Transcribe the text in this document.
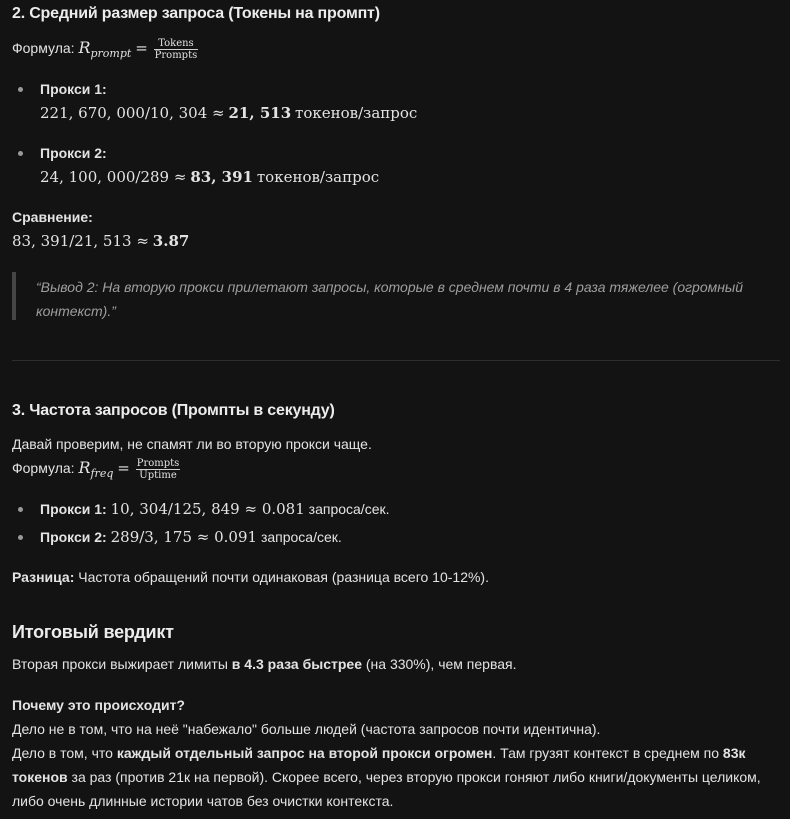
2. Средний размер запроса (Токены на промпт)
Формула: $R_{prompt} = \frac{\text{Tokens}}{\text{Prompts}}$
Прокси 1:
221, 670, 000/10, 304 ≈ 21, 513 токенов/запрос
Прокси 2:
24, 100, 000/289 ≈ 83, 391 токенов/запрос
Сравнение:
83, 391/21, 513 ≈ 3.87
“Вывод 2: На вторую прокси прилетают запросы, которые в среднем почти в 4 раза тяжелее (огромный контекст).”
3. Частота запросов (Промпты в секунду)
Давай проверим, не спамят ли во вторую прокси чаще.
Формула: $R_{freq} = \frac{\text{Prompts}}{\text{Uptime}}$
Прокси 1: 10, 304/125, 849 ≈ 0.081 запроса/сек.
Прокси 2: 289/3, 175 ≈ 0.091 запроса/сек.
Разница: Частота обращений почти одинаковая (разница всего 10-12%).
Итоговый вердикт
Вторая прокси выжирает лимиты в 4.3 раза быстрее (на 330%), чем первая.
Почему это происходит?
Дело не в том, что на неё "набежало" больше людей (частота запросов почти идентична).
Дело в том, что каждый отдельный запрос на второй прокси огромен. Там грузят контекст в среднем по 83к токенов за раз (против 21к на первой). Скорее всего, через вторую прокси гоняют либо книги/документы целиком, либо очень длинные истории чатов без очистки контекста.
